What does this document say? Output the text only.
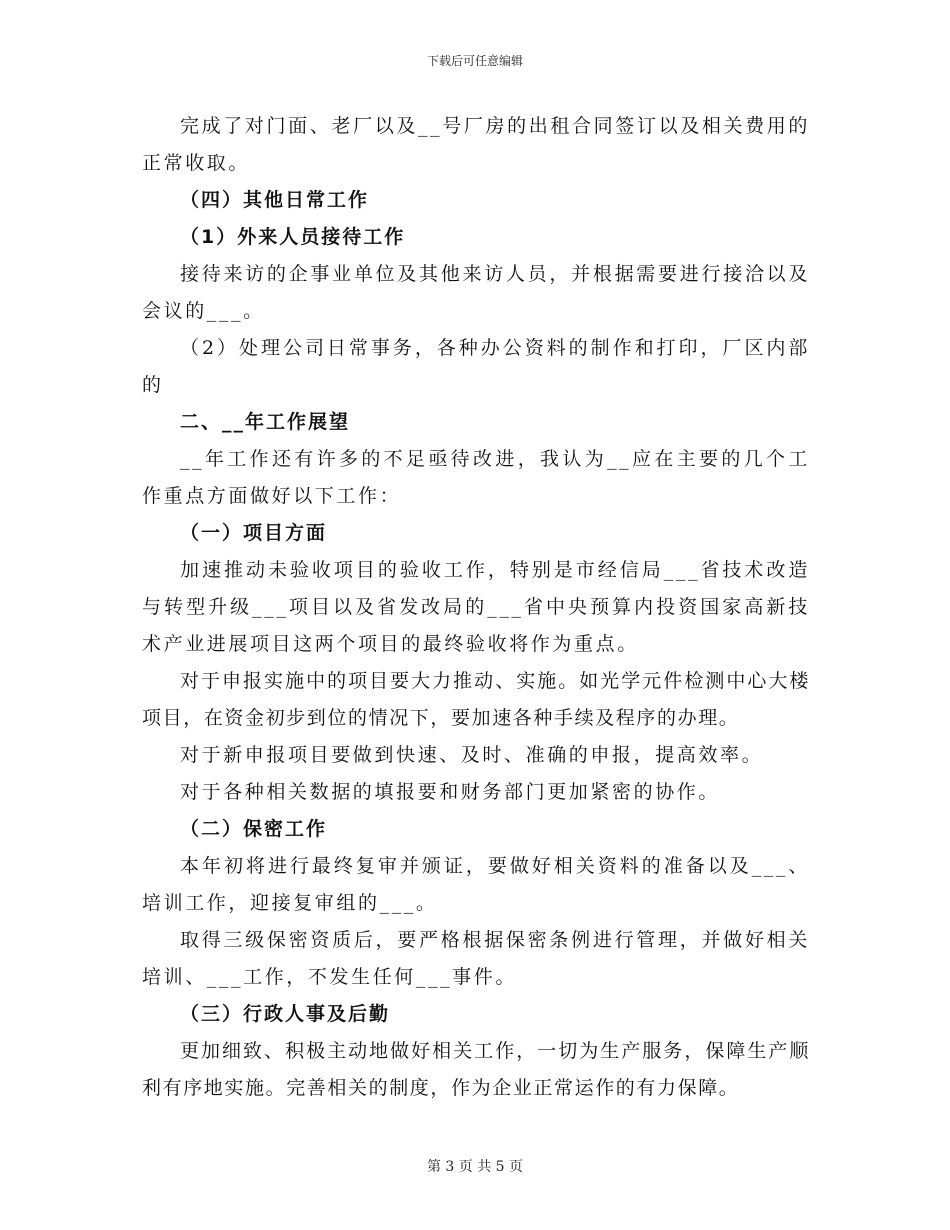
下载后可任意编辑

完成了对门面、老厂以及__号厂房的出租合同签订以及相关费用的正常收取。

（四）其他日常工作

（1）外来人员接待工作

接待来访的企事业单位及其他来访人员，并根据需要进行接洽以及会议的___。

（2）处理公司日常事务，各种办公资料的制作和打印，厂区内部的

二、__年工作展望

__年工作还有许多的不足亟待改进，我认为__应在主要的几个工作重点方面做好以下工作：

（一）项目方面

加速推动未验收项目的验收工作，特别是市经信局___省技术改造与转型升级___项目以及省发改局的___省中央预算内投资国家高新技术产业进展项目这两个项目的最终验收将作为重点。

对于申报实施中的项目要大力推动、实施。如光学元件检测中心大楼项目，在资金初步到位的情况下，要加速各种手续及程序的办理。

对于新申报项目要做到快速、及时、准确的申报，提高效率。

对于各种相关数据的填报要和财务部门更加紧密的协作。

（二）保密工作

本年初将进行最终复审并颁证，要做好相关资料的准备以及___、培训工作，迎接复审组的___。

取得三级保密资质后，要严格根据保密条例进行管理，并做好相关培训、___工作，不发生任何___事件。

（三）行政人事及后勤

更加细致、积极主动地做好相关工作，一切为生产服务，保障生产顺利有序地实施。完善相关的制度，作为企业正常运作的有力保障。

第 3 页 共 5 页
